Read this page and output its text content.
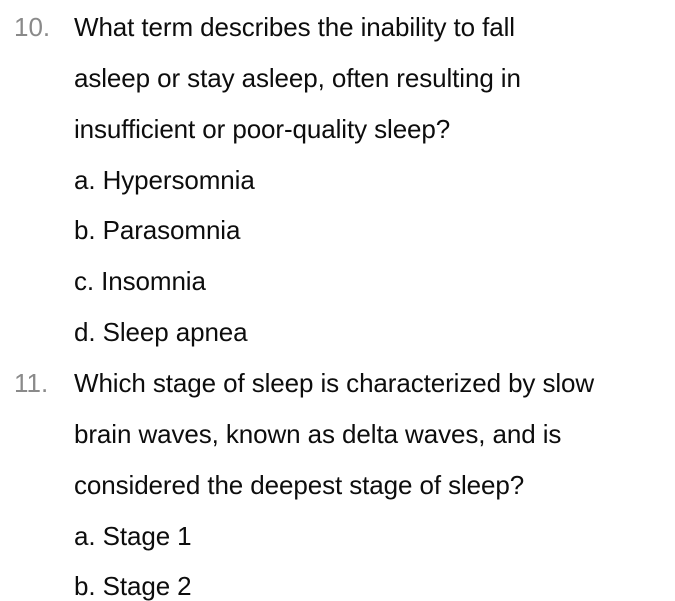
10. What term describes the inability to fall
asleep or stay asleep, often resulting in
insufficient or poor-quality sleep?
a. Hypersomnia
b. Parasomnia
c. Insomnia
d. Sleep apnea
11. Which stage of sleep is characterized by slow
brain waves, known as delta waves, and is
considered the deepest stage of sleep?
a. Stage 1
b. Stage 2
